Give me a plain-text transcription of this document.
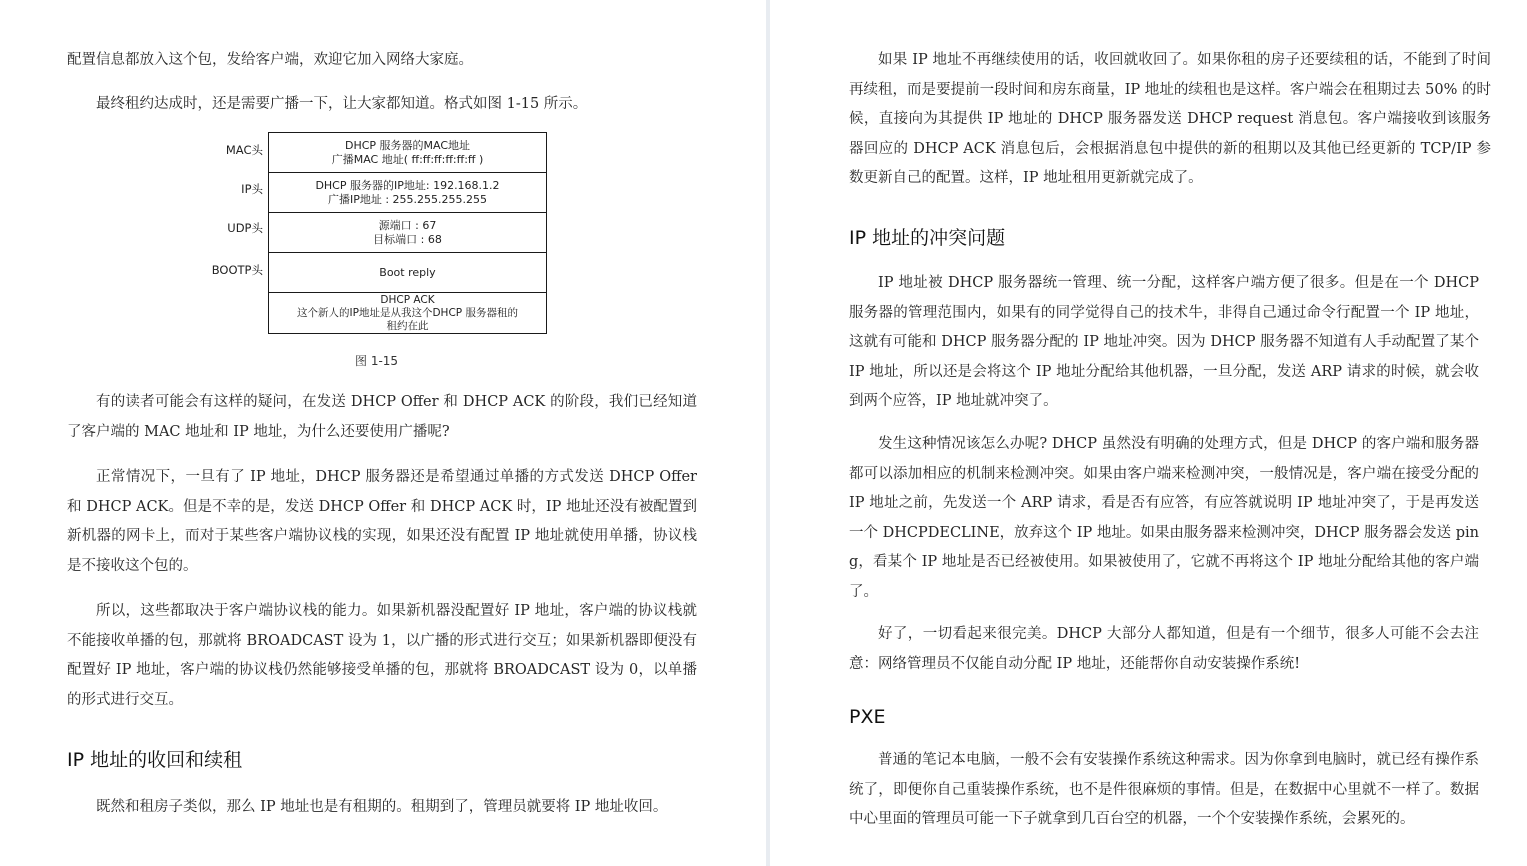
配置信息都放入这个包，发给客户端，欢迎它加入网络大家庭。

最终租约达成时，还是需要广播一下，让大家都知道。格式如图 1-15 所示。

MAC头
IP头
UDP头
BOOTP头
DHCP 服务器的MAC地址
广播MAC 地址( ff:ff:ff:ff:ff:ff )
DHCP 服务器的IP地址: 192.168.1.2
广播IP地址 : 255.255.255.255
源端口 : 67
目标端口 : 68
Boot reply
DHCP ACK
这个新人的IP地址是从我这个DHCP 服务器租的
租约在此
图 1-15

有的读者可能会有这样的疑问，在发送 DHCP Offer 和 DHCP ACK 的阶段，我们已经知道了客户端的 MAC 地址和 IP 地址，为什么还要使用广播呢?

正常情况下，一旦有了 IP 地址，DHCP 服务器还是希望通过单播的方式发送 DHCP Offer 和 DHCP ACK。但是不幸的是，发送 DHCP Offer 和 DHCP ACK 时，IP 地址还没有被配置到新机器的网卡上，而对于某些客户端协议栈的实现，如果还没有配置 IP 地址就使用单播，协议栈是不接收这个包的。

所以，这些都取决于客户端协议栈的能力。如果新机器没配置好 IP 地址，客户端的协议栈就不能接收单播的包，那就将 BROADCAST 设为 1，以广播的形式进行交互；如果新机器即便没有配置好 IP 地址，客户端的协议栈仍然能够接受单播的包，那就将 BROADCAST 设为 0，以单播的形式进行交互。

IP 地址的收回和续租

既然和租房子类似，那么 IP 地址也是有租期的。租期到了，管理员就要将 IP 地址收回。

如果 IP 地址不再继续使用的话，收回就收回了。如果你租的房子还要续租的话，不能到了时间再续租，而是要提前一段时间和房东商量，IP 地址的续租也是这样。客户端会在租期过去 50% 的时候，直接向为其提供 IP 地址的 DHCP 服务器发送 DHCP request 消息包。客户端接收到该服务器回应的 DHCP ACK 消息包后，会根据消息包中提供的新的租期以及其他已经更新的 TCP/IP 参数更新自己的配置。这样，IP 地址租用更新就完成了。

IP 地址的冲突问题

IP 地址被 DHCP 服务器统一管理、统一分配，这样客户端方便了很多。但是在一个 DHCP 服务器的管理范围内，如果有的同学觉得自己的技术牛，非得自己通过命令行配置一个 IP 地址，这就有可能和 DHCP 服务器分配的 IP 地址冲突。因为 DHCP 服务器不知道有人手动配置了某个 IP 地址，所以还是会将这个 IP 地址分配给其他机器，一旦分配，发送 ARP 请求的时候，就会收到两个应答，IP 地址就冲突了。

发生这种情况该怎么办呢? DHCP 虽然没有明确的处理方式，但是 DHCP 的客户端和服务器都可以添加相应的机制来检测冲突。如果由客户端来检测冲突，一般情况是，客户端在接受分配的 IP 地址之前，先发送一个 ARP 请求，看是否有应答，有应答就说明 IP 地址冲突了，于是再发送一个 DHCPDECLINE，放弃这个 IP 地址。如果由服务器来检测冲突，DHCP 服务器会发送 ping，看某个 IP 地址是否已经被使用。如果被使用了，它就不再将这个 IP 地址分配给其他的客户端了。

好了，一切看起来很完美。DHCP 大部分人都知道，但是有一个细节，很多人可能不会去注意：网络管理员不仅能自动分配 IP 地址，还能帮你自动安装操作系统!

PXE

普通的笔记本电脑，一般不会有安装操作系统这种需求。因为你拿到电脑时，就已经有操作系统了，即便你自己重装操作系统，也不是件很麻烦的事情。但是，在数据中心里就不一样了。数据中心里面的管理员可能一下子就拿到几百台空的机器，一个个安装操作系统，会累死的。
